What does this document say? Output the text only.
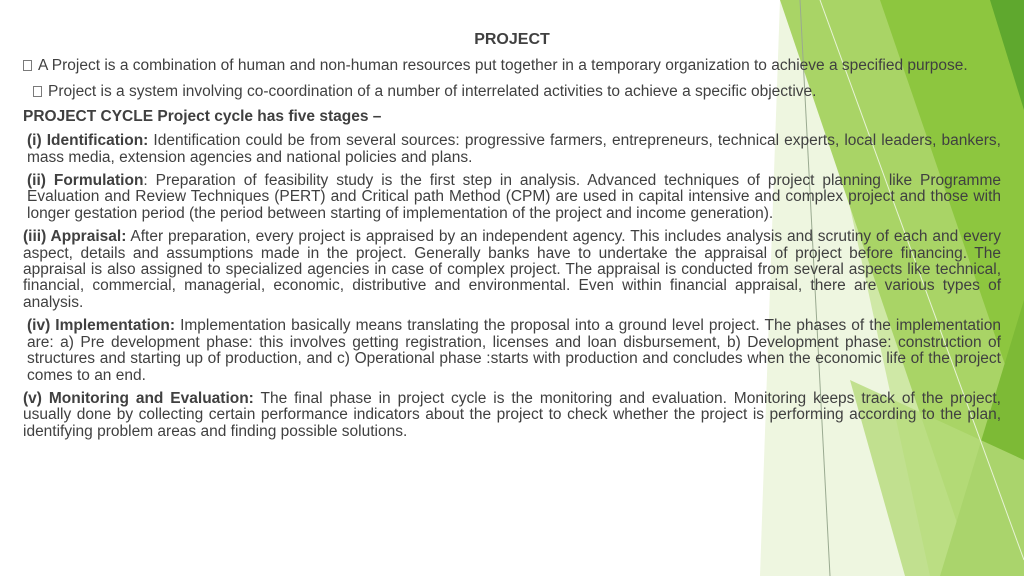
PROJECT

A Project is a combination of human and non-human resources put together in a temporary organization to achieve a specified purpose.

Project is a system involving co-coordination of a number of interrelated activities to achieve a specific objective.

PROJECT CYCLE Project cycle has five stages –

(i) Identification: Identification could be from several sources: progressive farmers, entrepreneurs, technical experts, local leaders, bankers, mass media, extension agencies and national policies and plans.

(ii) Formulation: Preparation of feasibility study is the first step in analysis. Advanced techniques of project planning like Programme Evaluation and Review Techniques (PERT) and Critical path Method (CPM) are used in capital intensive and complex project and those with longer gestation period (the period between starting of implementation of the project and income generation).

(iii) Appraisal: After preparation, every project is appraised by an independent agency. This includes analysis and scrutiny of each and every aspect, details and assumptions made in the project. Generally banks have to undertake the appraisal of project before financing. The appraisal is also assigned to specialized agencies in case of complex project. The appraisal is conducted from several aspects like technical, financial, commercial, managerial, economic, distributive and environmental. Even within financial appraisal, there are various types of analysis.

(iv) Implementation: Implementation basically means translating the proposal into a ground level project. The phases of the implementation are: a) Pre development phase: this involves getting registration, licenses and loan disbursement, b) Development phase: construction of structures and starting up of production, and c) Operational phase :starts with production and concludes when the economic life of the project comes to an end.

(v) Monitoring and Evaluation: The final phase in project cycle is the monitoring and evaluation. Monitoring keeps track of the project, usually done by collecting certain performance indicators about the project to check whether the project is performing according to the plan, identifying problem areas and finding possible solutions.
